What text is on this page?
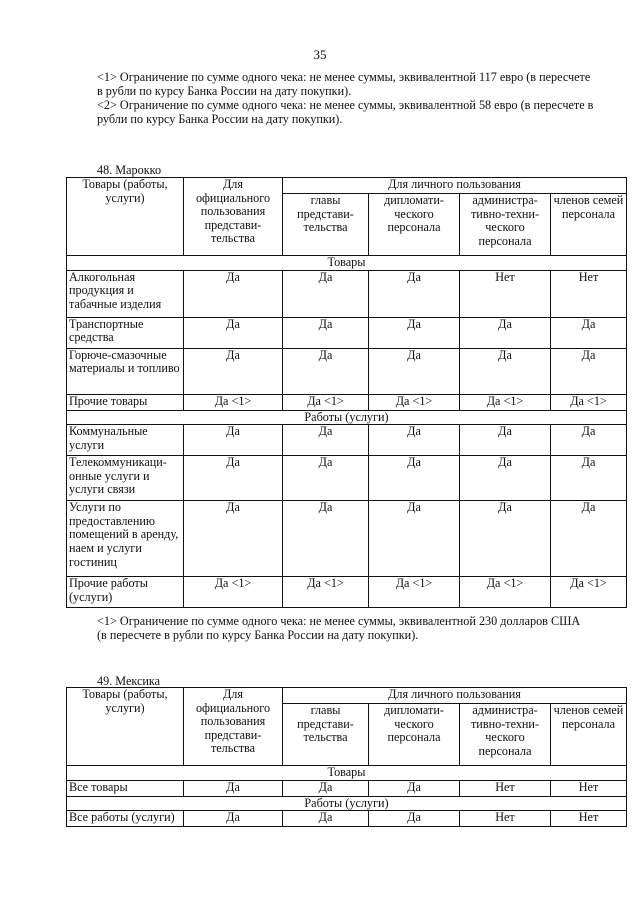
35

<1> Ограничение по сумме одного чека: не менее суммы, эквивалентной 117 евро (в пересчете в рубли по курсу Банка России на дату покупки).

<2> Ограничение по сумме одного чека: не менее суммы, эквивалентной 58 евро (в пересчете в рубли по курсу Банка России на дату покупки).

48. Марокко
Товары (работы, услуги)	Для официального пользования представи-тельства	Для личного пользования			
		главы представи-тельства	дипломати-ческого персонала	администра-тивно-техни-ческого персонала	членов семей персонала
Товары					
Алкогольная продукция и табачные изделия	Да	Да	Да	Нет	Нет
Транспортные средства	Да	Да	Да	Да	Да
Горюче-смазочные материалы и топливо	Да	Да	Да	Да	Да
Прочие товары	Да <1>	Да <1>	Да <1>	Да <1>	Да <1>
Работы (услуги)					
Коммунальные услуги	Да	Да	Да	Да	Да
Телекоммуникаци-онные услуги и услуги связи	Да	Да	Да	Да	Да
Услуги по предоставлению помещений в аренду, наем и услуги гостиниц	Да	Да	Да	Да	Да
Прочие работы (услуги)	Да <1>	Да <1>	Да <1>	Да <1>	Да <1>
<1> Ограничение по сумме одного чека: не менее суммы, эквивалентной 230 долларов США (в пересчете в рубли по курсу Банка России на дату покупки).
49. Мексика
Товары (работы, услуги)	Для официального пользования представи-тельства	Для личного пользования			
		главы представи-тельства	дипломати-ческого персонала	администра-тивно-техни-ческого персонала	членов семей персонала
Товары					
Все товары	Да	Да	Да	Нет	Нет
Работы (услуги)					
Все работы (услуги)	Да	Да	Да	Нет	Нет
